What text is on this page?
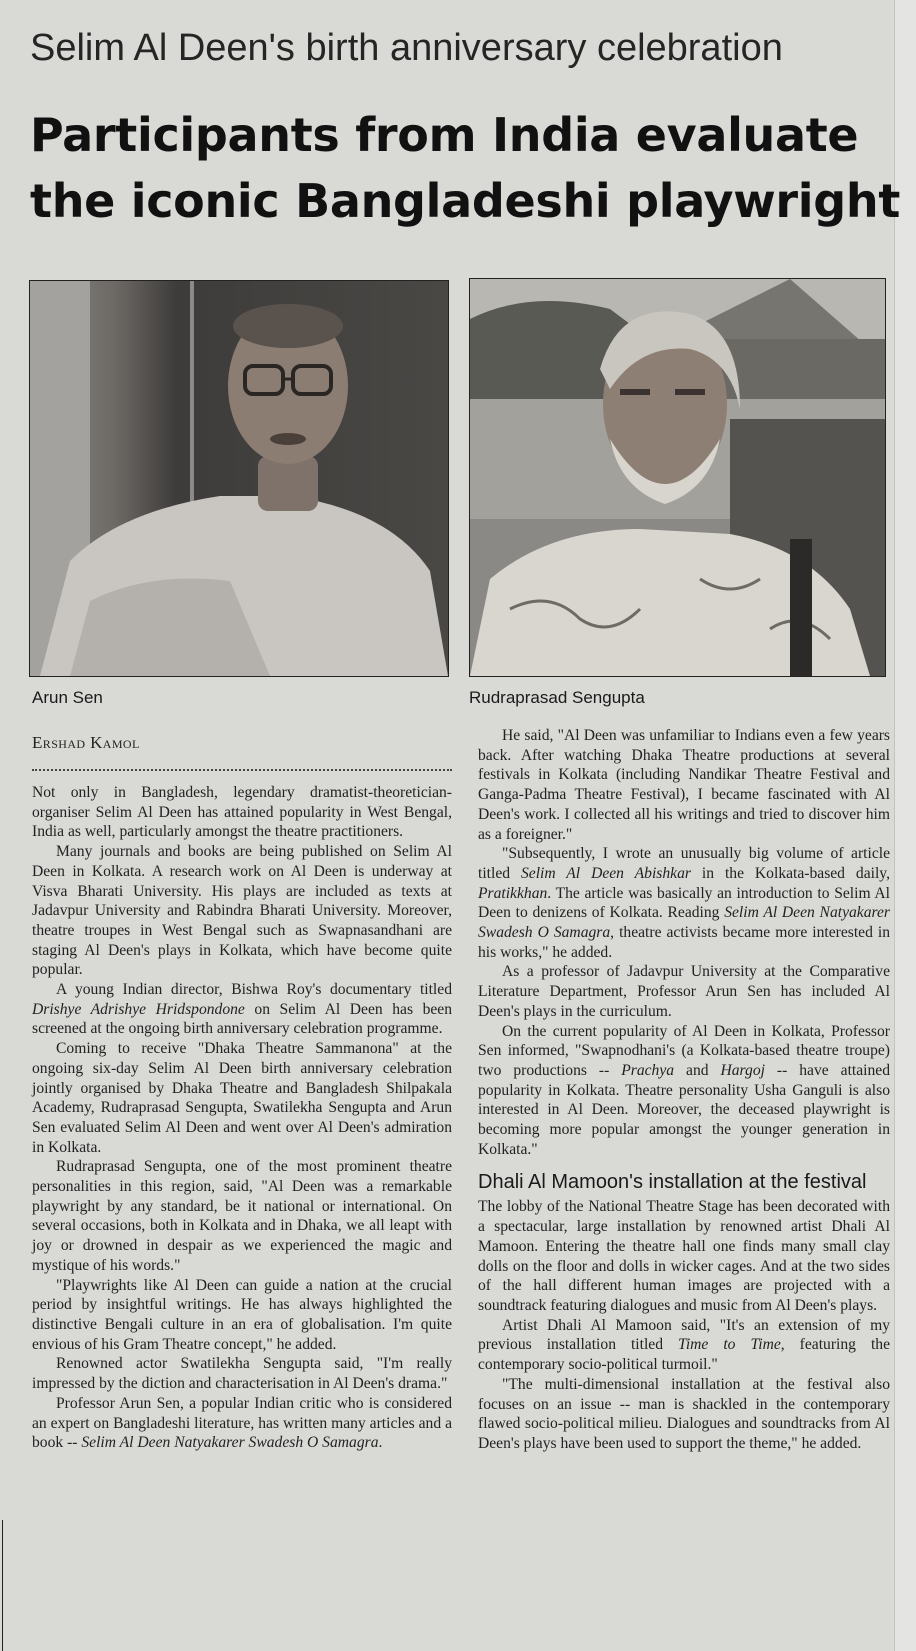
Selim Al Deen's birth anniversary celebration
Participants from India evaluate
the iconic Bangladeshi playwright
Arun Sen	Rudraprasad Sengupta
Ershad Kamol

Not only in Bangladesh, legendary dramatist-theoretician-organiser Selim Al Deen has attained popularity in West Bengal, India as well, particularly amongst the theatre practitioners.

Many journals and books are being published on Selim Al Deen in Kolkata. A research work on Al Deen is underway at Visva Bharati University. His plays are included as texts at Jadavpur University and Rabindra Bharati University. Moreover, theatre troupes in West Bengal such as Swapnasandhani are staging Al Deen's plays in Kolkata, which have become quite popular.

A young Indian director, Bishwa Roy's documentary titled Drishye Adrishye Hridspondone on Selim Al Deen has been screened at the ongoing birth anniversary celebration programme.

Coming to receive "Dhaka Theatre Sammanona" at the ongoing six-day Selim Al Deen birth anniversary celebration jointly organised by Dhaka Theatre and Bangladesh Shilpakala Academy, Rudraprasad Sengupta, Swatilekha Sengupta and Arun Sen evaluated Selim Al Deen and went over Al Deen's admiration in Kolkata.

Rudraprasad Sengupta, one of the most prominent theatre personalities in this region, said, "Al Deen was a remarkable playwright by any standard, be it national or international. On several occasions, both in Kolkata and in Dhaka, we all leapt with joy or drowned in despair as we experienced the magic and mystique of his words."

"Playwrights like Al Deen can guide a nation at the crucial period by insightful writings. He has always highlighted the distinctive Bengali culture in an era of globalisation. I'm quite envious of his Gram Theatre concept," he added.

Renowned actor Swatilekha Sengupta said, "I'm really impressed by the diction and characterisation in Al Deen's drama."

Professor Arun Sen, a popular Indian critic who is considered an expert on Bangladeshi literature, has written many articles and a book -- Selim Al Deen Natyakarer Swadesh O Samagra.

He said, "Al Deen was unfamiliar to Indians even a few years back. After watching Dhaka Theatre productions at several festivals in Kolkata (including Nandikar Theatre Festival and Ganga-Padma Theatre Festival), I became fascinated with Al Deen's work. I collected all his writings and tried to discover him as a foreigner."

"Subsequently, I wrote an unusually big volume of article titled Selim Al Deen Abishkar in the Kolkata-based daily, Pratikkhan. The article was basically an introduction to Selim Al Deen to denizens of Kolkata. Reading Selim Al Deen Natyakarer Swadesh O Samagra, theatre activists became more interested in his works," he added.

As a professor of Jadavpur University at the Comparative Literature Department, Professor Arun Sen has included Al Deen's plays in the curriculum.

On the current popularity of Al Deen in Kolkata, Professor Sen informed, "Swapnodhani's (a Kolkata-based theatre troupe) two productions -- Prachya and Hargoj -- have attained popularity in Kolkata. Theatre personality Usha Ganguli is also interested in Al Deen. Moreover, the deceased playwright is becoming more popular amongst the younger generation in Kolkata."

Dhali Al Mamoon's installation at the festival

The lobby of the National Theatre Stage has been decorated with a spectacular, large installation by renowned artist Dhali Al Mamoon. Entering the theatre hall one finds many small clay dolls on the floor and dolls in wicker cages. And at the two sides of the hall different human images are projected with a soundtrack featuring dialogues and music from Al Deen's plays.

Artist Dhali Al Mamoon said, "It's an extension of my previous installation titled Time to Time, featuring the contemporary socio-political turmoil."

"The multi-dimensional installation at the festival also focuses on an issue -- man is shackled in the contemporary flawed socio-political milieu. Dialogues and soundtracks from Al Deen's plays have been used to support the theme," he added.
